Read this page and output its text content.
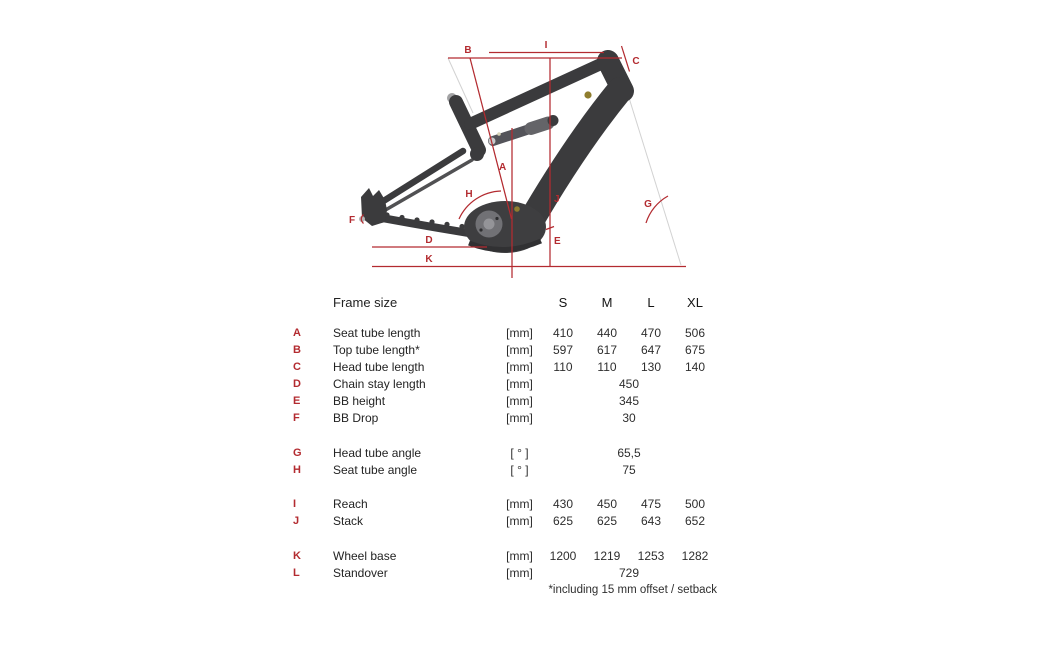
B	I
C
A
J
E
H
G
D
K
F
Frame size	S	M	L	XL
A	Seat tube length	[mm]	410	440	470	506
B	Top tube length*	[mm]	597	617	647	675
C	Head tube length	[mm]	110	110	130	140
D	Chain stay length	[mm]	450
E	BB height	[mm]	345
F	BB Drop	[mm]	30
G	Head tube angle	[ ° ]	65,5
H	Seat tube angle	[ ° ]	75
I	Reach	[mm]	430	450	475	500
J	Stack	[mm]	625	625	643	652
K	Wheel base	[mm]	1200	1219	1253	1282
L	Standover	[mm]	729
*including 15 mm offset / setback
